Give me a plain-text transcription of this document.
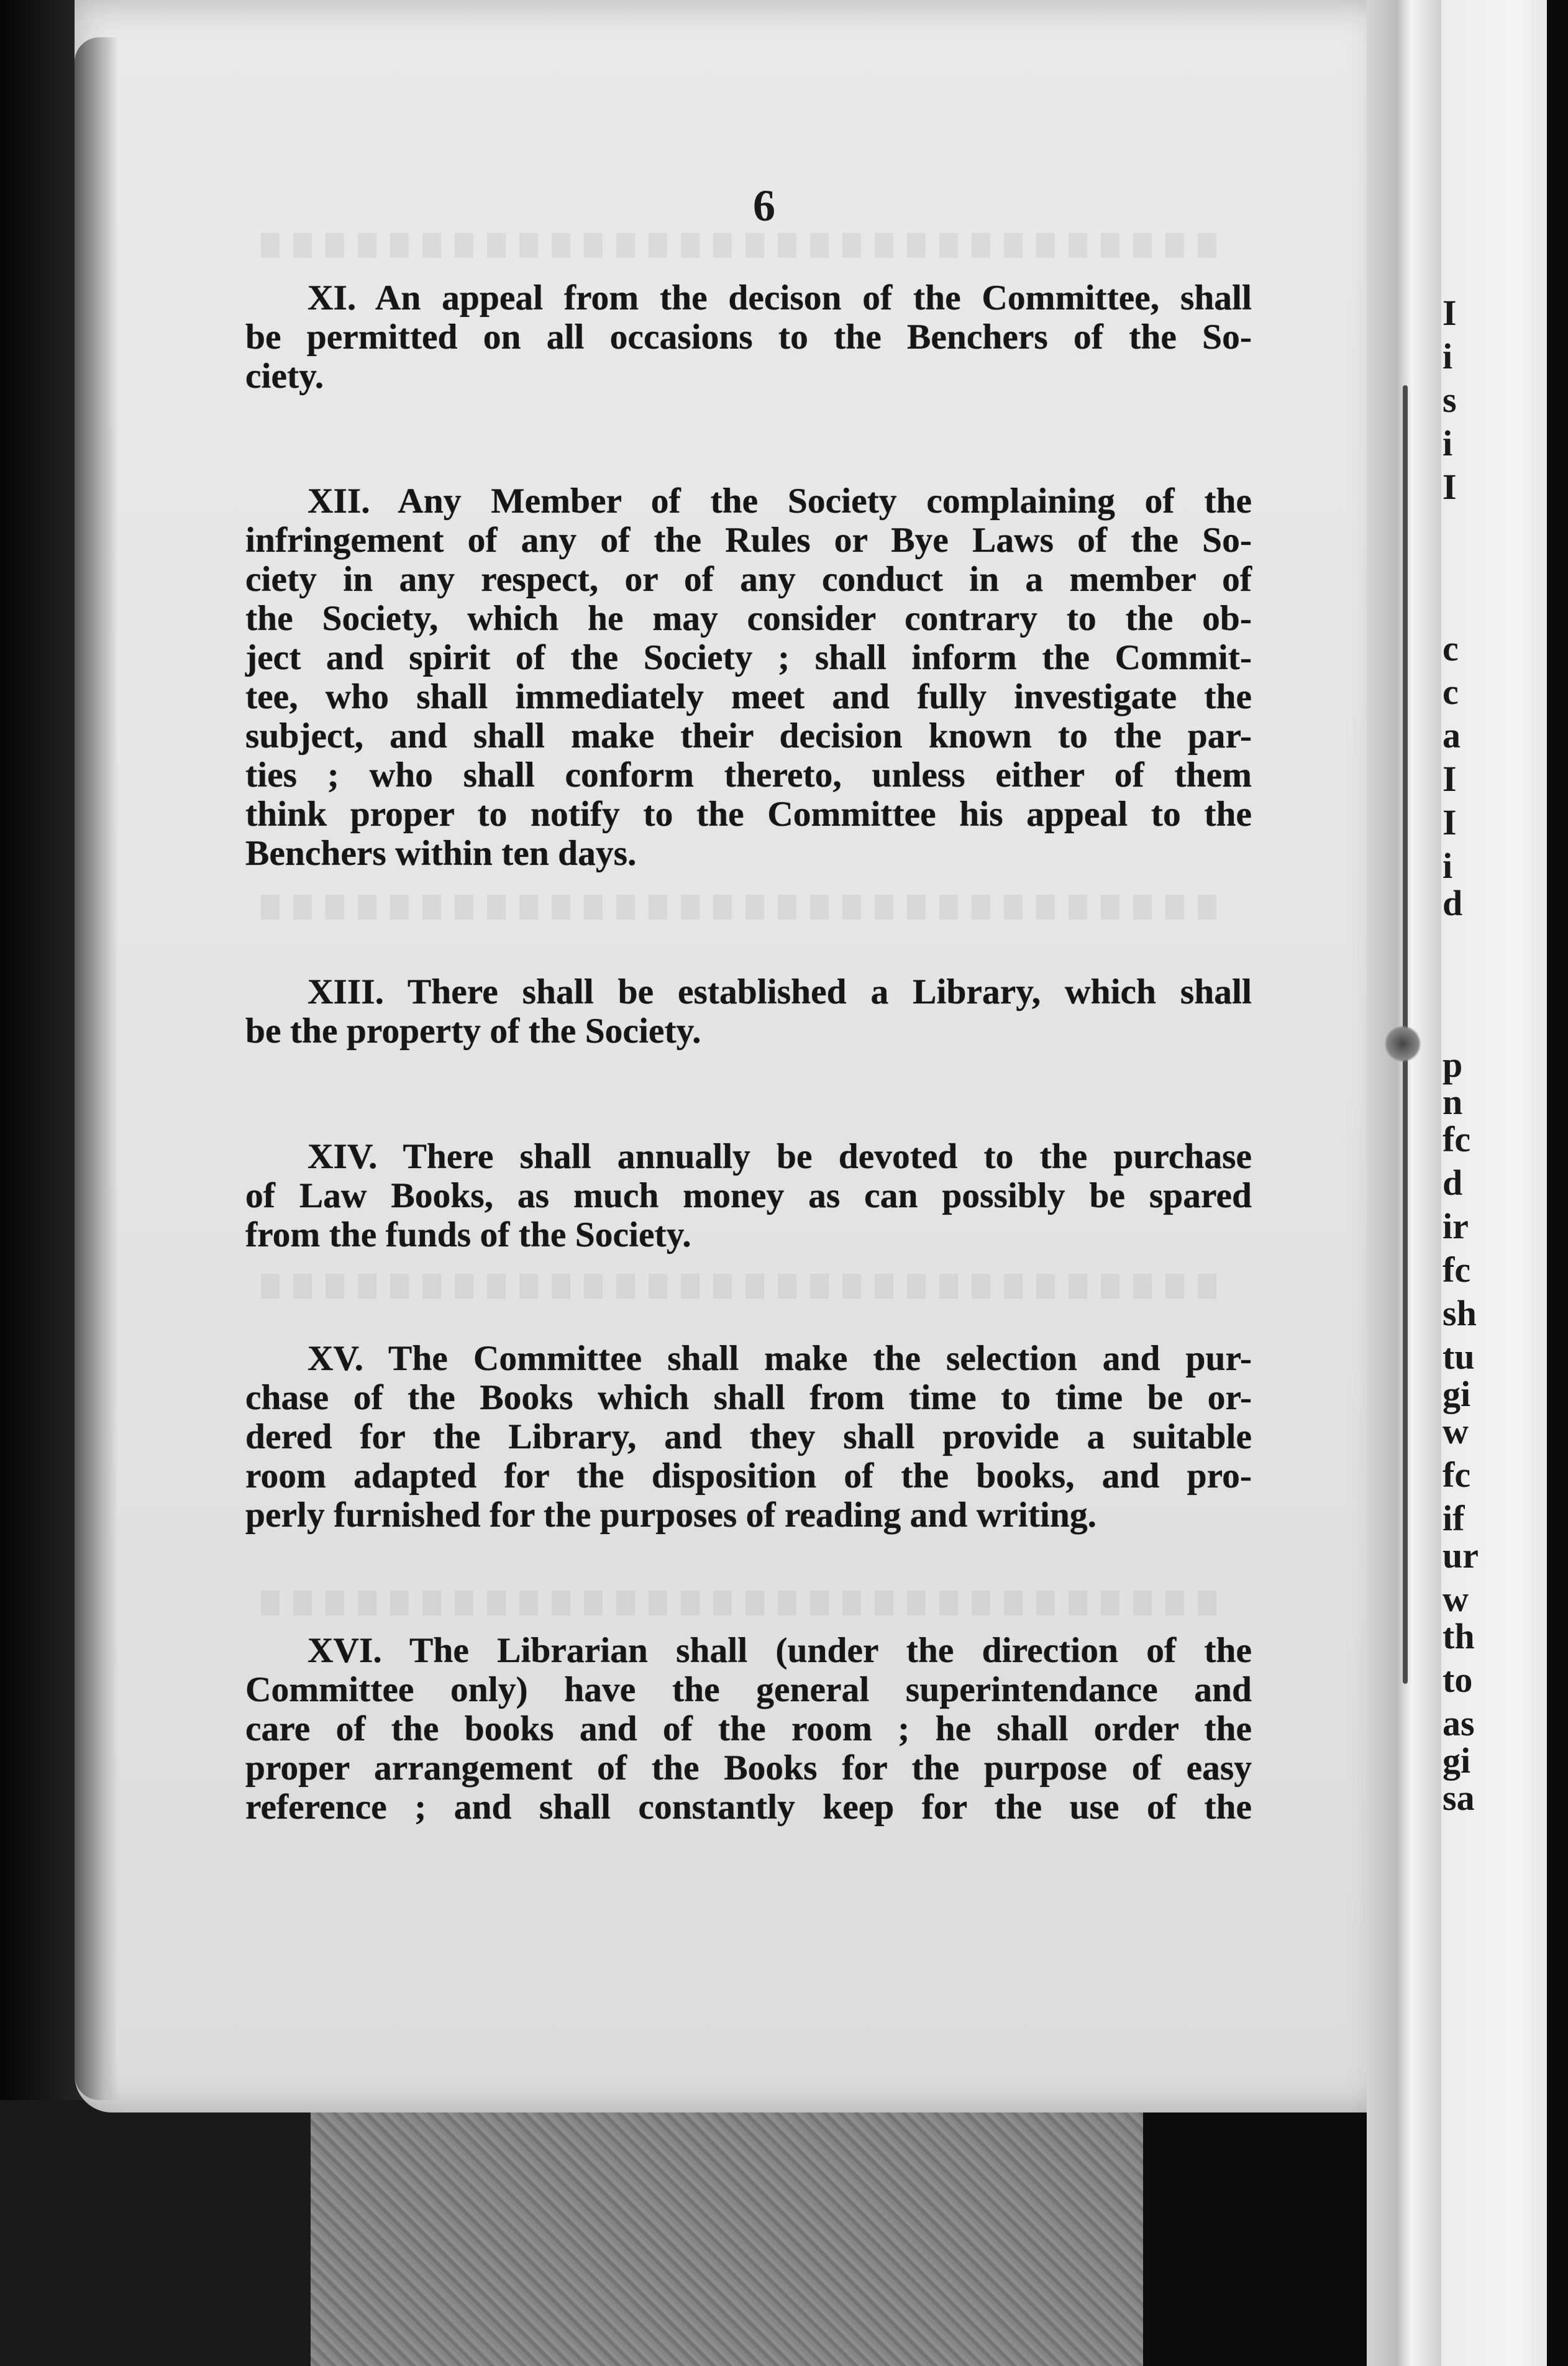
I
i
s
i
I
c
c
a
I
I
i
d
p
n
fc
d
ir
fc
sh
tu
gi
w
fc
if
ur
w
th
to
as
gi
sa
6
XI. An appeal from the decison of the Committee, shall
be permitted on all occasions to the Benchers of the So-
ciety.
XII. Any Member of the Society complaining of the
infringement of any of the Rules or Bye Laws of the So-
ciety in any respect, or of any conduct in a member of
the Society, which he may consider contrary to the ob-
ject and spirit of the Society ; shall inform the Commit-
tee, who shall immediately meet and fully investigate the
subject, and shall make their decision known to the par-
ties ; who shall conform thereto, unless either of them
think proper to notify to the Committee his appeal to the
Benchers within ten days.
XIII. There shall be established a Library, which shall
be the property of the Society.
XIV. There shall annually be devoted to the purchase
of Law Books, as much money as can possibly be spared
from the funds of the Society.
XV. The Committee shall make the selection and pur-
chase of the Books which shall from time to time be or-
dered for the Library, and they shall provide a suitable
room adapted for the disposition of the books, and pro-
perly furnished for the purposes of reading and writing.
XVI. The Librarian shall (under the direction of the
Committee only) have the general superintendance and
care of the books and of the room ; he shall order the
proper arrangement of the Books for the purpose of easy
reference ; and shall constantly keep for the use of the
